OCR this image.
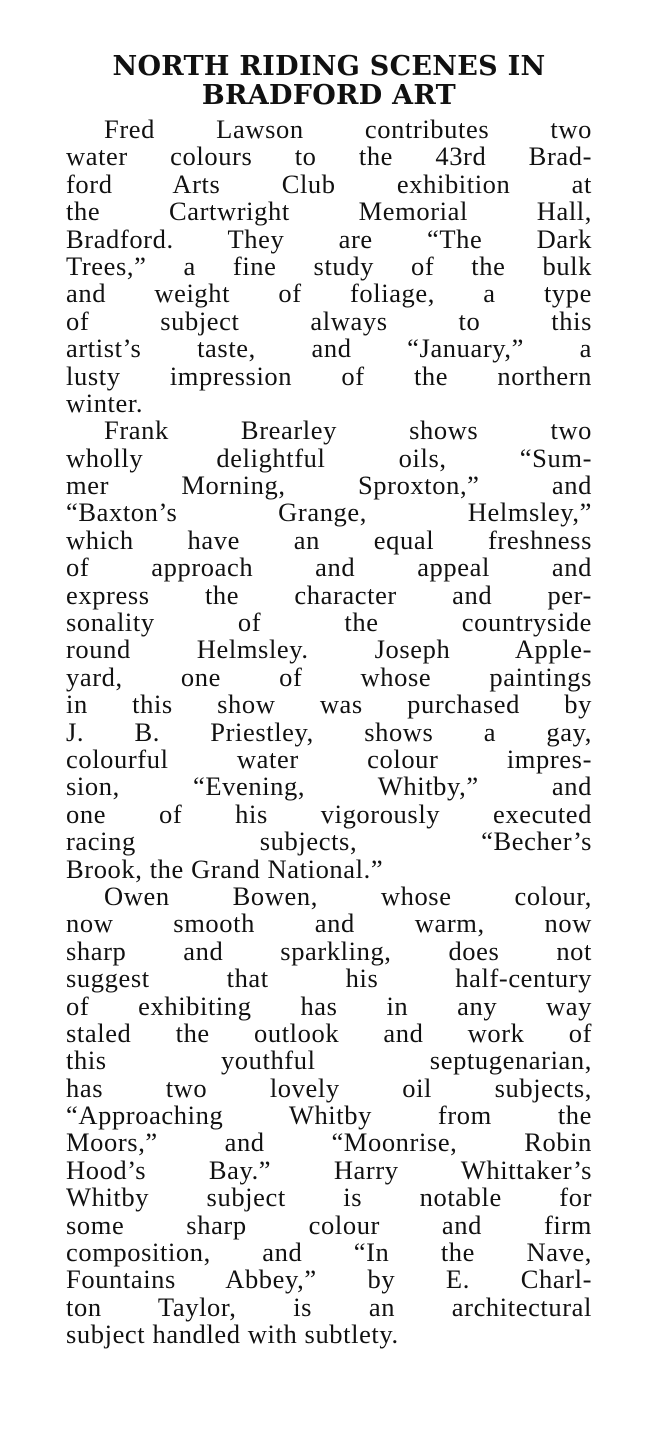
NORTH RIDING SCENES IN
BRADFORD ART
Fred Lawson contributes two
water colours to the 43rd Brad-
ford Arts Club exhibition at
the Cartwright Memorial Hall,
Bradford. They are “The Dark
Trees,” a fine study of the bulk
and weight of foliage, a type
of subject always to this
artist’s taste, and “January,” a
lusty impression of the northern
winter.
Frank Brearley shows two
wholly delightful oils, “Sum-
mer Morning, Sproxton,” and
“Baxton’s Grange, Helmsley,”
which have an equal freshness
of approach and appeal and
express the character and per-
sonality of the countryside
round Helmsley. Joseph Apple-
yard, one of whose paintings
in this show was purchased by
J. B. Priestley, shows a gay,
colourful water colour impres-
sion, “Evening, Whitby,” and
one of his vigorously executed
racing subjects, “Becher’s
Brook, the Grand National.”
Owen Bowen, whose colour,
now smooth and warm, now
sharp and sparkling, does not
suggest that his half-century
of exhibiting has in any way
staled the outlook and work of
this youthful septugenarian,
has two lovely oil subjects,
“Approaching Whitby from the
Moors,” and “Moonrise, Robin
Hood’s Bay.” Harry Whittaker’s
Whitby subject is notable for
some sharp colour and firm
composition, and “In the Nave,
Fountains Abbey,” by E. Charl-
ton Taylor, is an architectural
subject handled with subtlety.
